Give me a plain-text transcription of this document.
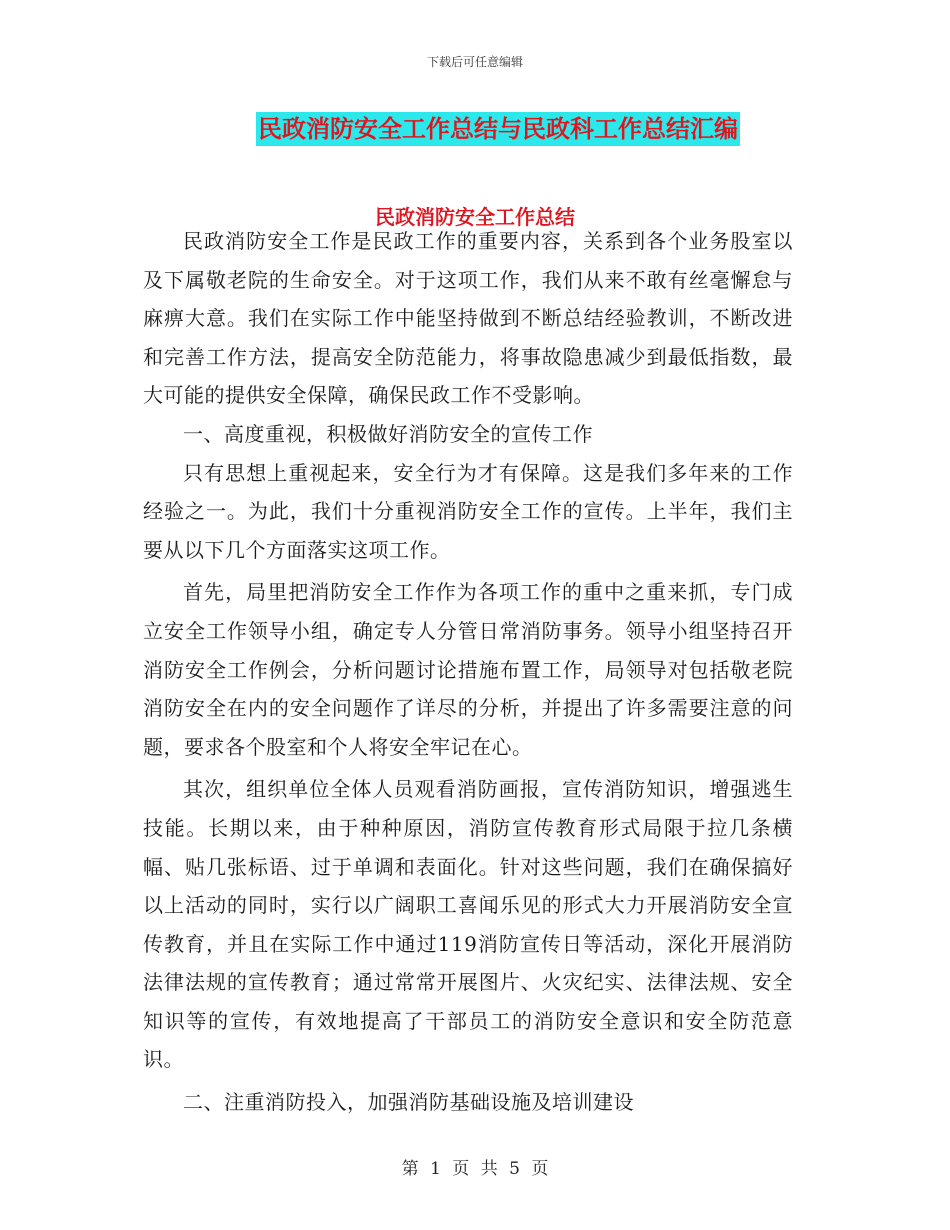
下载后可任意编辑
民政消防安全工作总结与民政科工作总结汇编
民政消防安全工作总结

民政消防安全工作是民政工作的重要内容，关系到各个业务股室以及下属敬老院的生命安全。对于这项工作，我们从来不敢有丝毫懈怠与麻痹大意。我们在实际工作中能坚持做到不断总结经验教训，不断改进和完善工作方法，提高安全防范能力，将事故隐患减少到最低指数，最大可能的提供安全保障，确保民政工作不受影响。

一、高度重视，积极做好消防安全的宣传工作

只有思想上重视起来，安全行为才有保障。这是我们多年来的工作经验之一。为此，我们十分重视消防安全工作的宣传。上半年，我们主要从以下几个方面落实这项工作。

首先，局里把消防安全工作作为各项工作的重中之重来抓，专门成立安全工作领导小组，确定专人分管日常消防事务。领导小组坚持召开消防安全工作例会，分析问题讨论措施布置工作，局领导对包括敬老院消防安全在内的安全问题作了详尽的分析，并提出了许多需要注意的问题，要求各个股室和个人将安全牢记在心。

其次，组织单位全体人员观看消防画报，宣传消防知识，增强逃生技能。长期以来，由于种种原因，消防宣传教育形式局限于拉几条横幅、贴几张标语、过于单调和表面化。针对这些问题，我们在确保搞好以上活动的同时，实行以广阔职工喜闻乐见的形式大力开展消防安全宣传教育，并且在实际工作中通过119消防宣传日等活动，深化开展消防法律法规的宣传教育；通过常常开展图片、火灾纪实、法律法规、安全知识等的宣传，有效地提高了干部员工的消防安全意识和安全防范意识。

二、注重消防投入，加强消防基础设施及培训建设

第 1 页 共 5 页
